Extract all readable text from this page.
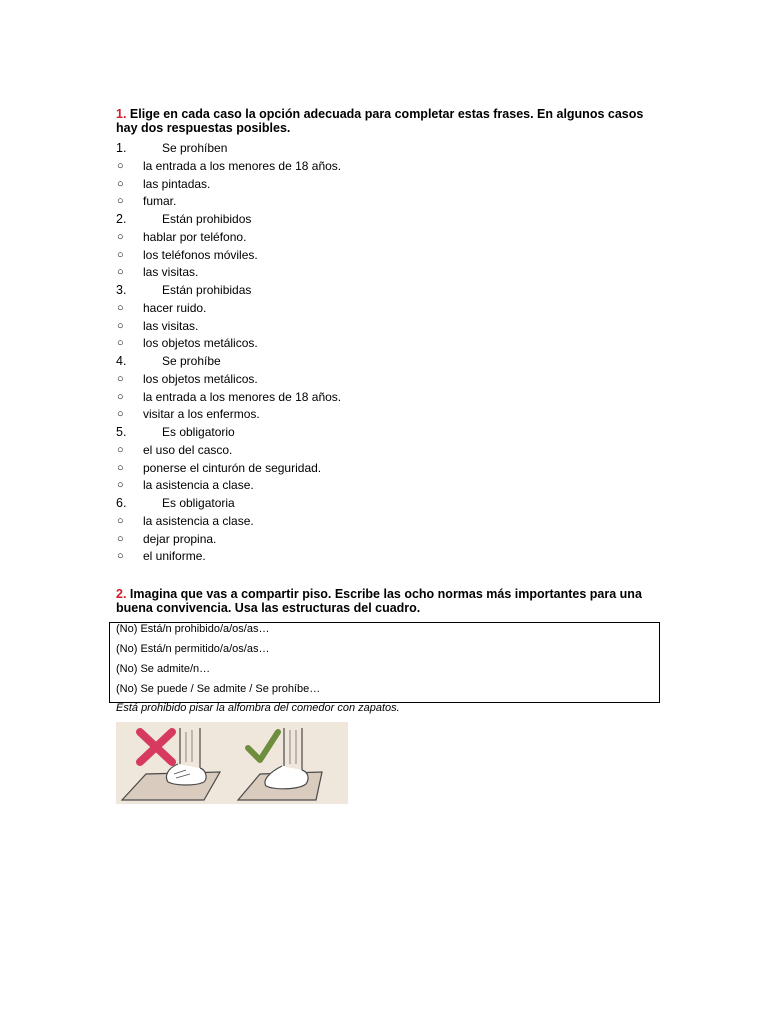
1. Elige en cada caso la opción adecuada para completar estas frases. En algunos casos hay dos respuestas posibles.
1.	Se prohíben
○ la entrada a los menores de 18 años.
○ las pintadas.
○ fumar.
2.	Están prohibidos
○ hablar por teléfono.
○ los teléfonos móviles.
○ las visitas.
3.	Están prohibidas
○ hacer ruido.
○ las visitas.
○ los objetos metálicos.
4.	Se prohíbe
○ los objetos metálicos.
○ la entrada a los menores de 18 años.
○ visitar a los enfermos.
5.	Es obligatorio
○ el uso del casco.
○ ponerse el cinturón de seguridad.
○ la asistencia a clase.
6.	Es obligatoria
○ la asistencia a clase.
○ dejar propina.
○ el uniforme.
2. Imagina que vas a compartir piso. Escribe las ocho normas más importantes para una buena convivencia. Usa las estructuras del cuadro.
(No) Está/n prohibido/a/os/as…
(No) Está/n permitido/a/os/as…
(No) Se admite/n…
(No) Se puede / Se admite / Se prohíbe…
Está prohibido pisar la alfombra del comedor con zapatos.
